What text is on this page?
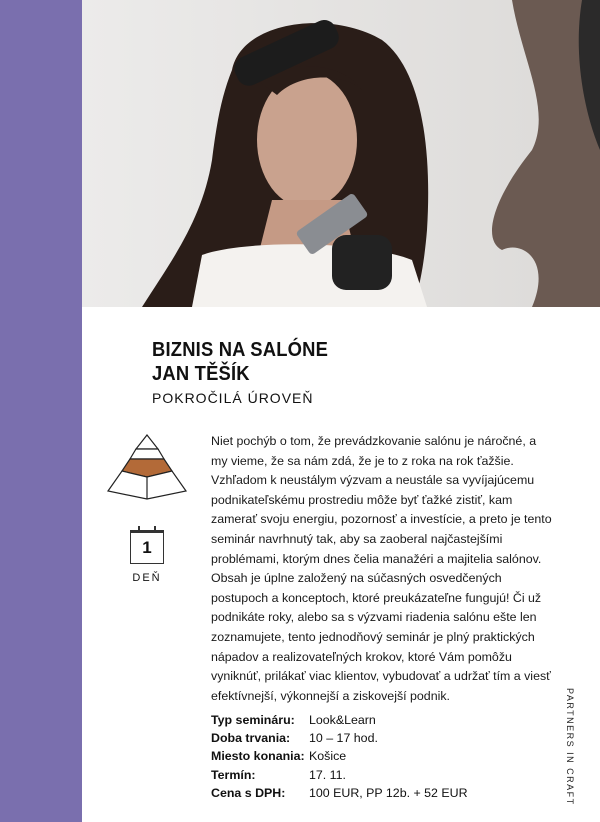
BIZNIS NA SALÓNE
JAN TĚŠÍK
POKROČILÁ ÚROVEŇ
1
DEŇ
Niet pochýb o tom, že prevádzkovanie salónu je náročné, a my vieme, že sa nám zdá, že je to z roka na rok ťažšie. Vzhľadom k neustálym výzvam a neustále sa vyvíjajúcemu podnikateľskému prostrediu môže byť ťažké zistiť, kam zamerať svoju energiu, pozornosť a investície, a preto je tento seminár navrhnutý tak, aby sa zaoberal najčastejšími problémami, ktorým dnes čelia manažéri a majitelia salónov. Obsah je úplne založený na súčasných osvedčených postupoch a konceptoch, ktoré preukázateľne fungujú! Či už podnikáte roky, alebo sa s výzvami riadenia salónu ešte len zoznamujete, tento jednodňový seminár je plný praktických nápadov a realizovateľných krokov, ktoré Vám pomôžu vyniknúť, prilákať viac klientov, vybudovať a udržať tím a viesť efektívnejší, výkonnejší a ziskovejší podnik.
Typ semináru:	Look&Learn
Doba trvania:	10 – 17 hod.
Miesto konania: Košice
Termín:	17. 11.
Cena s DPH:	100 EUR, PP 12b. + 52 EUR	PARTNERS IN CRAFT
